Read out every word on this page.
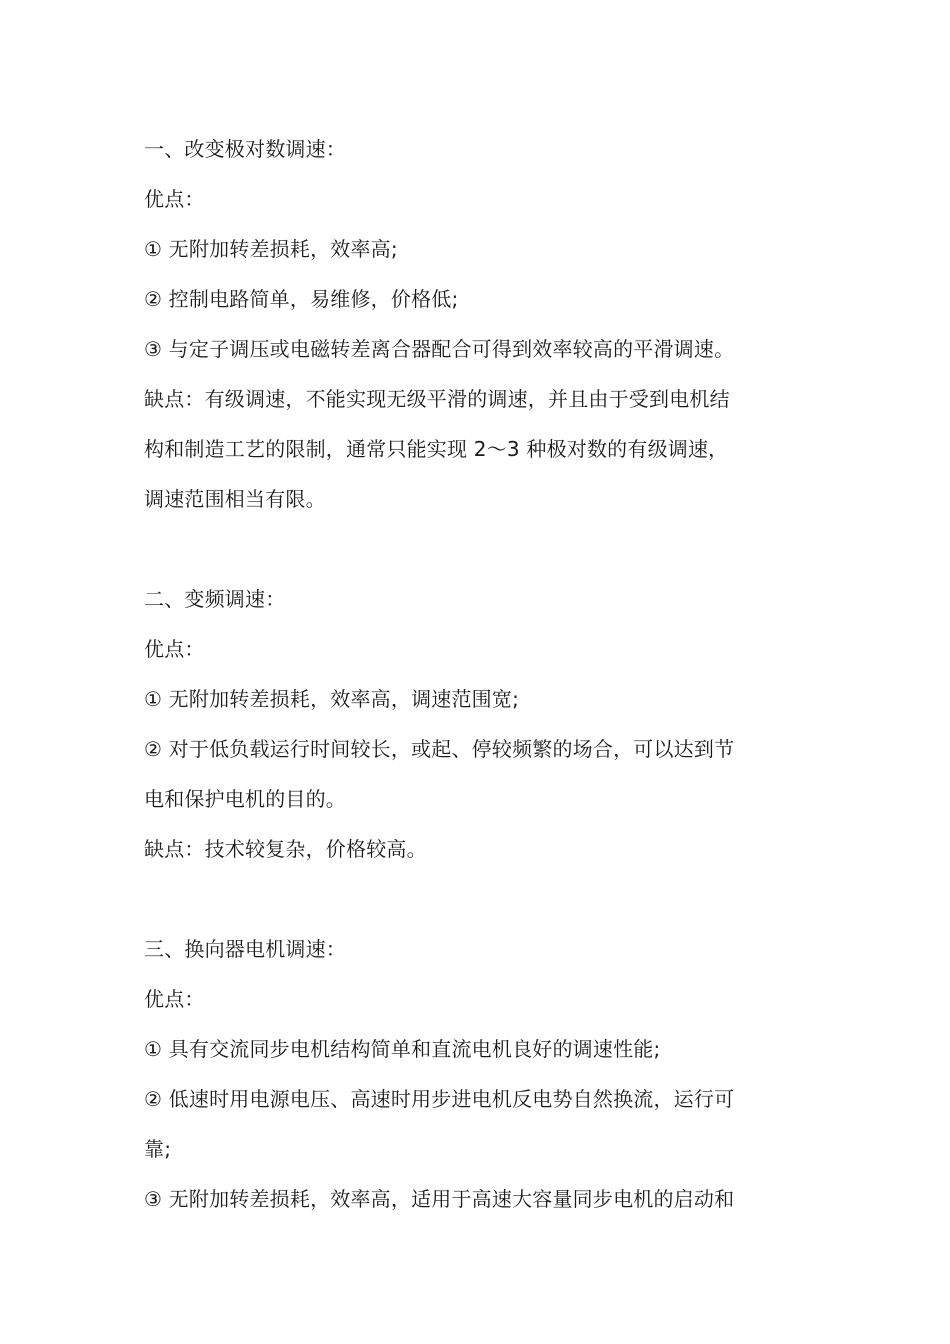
一、改变极对数调速：
优点：
① 无附加转差损耗，效率高;
② 控制电路简单，易维修，价格低;
③ 与定子调压或电磁转差离合器配合可得到效率较高的平滑调速。
缺点：有级调速，不能实现无级平滑的调速，并且由于受到电机结
构和制造工艺的限制，通常只能实现 2～3 种极对数的有级调速，
调速范围相当有限。
二、变频调速：
优点：
① 无附加转差损耗，效率高，调速范围宽;
② 对于低负载运行时间较长，或起、停较频繁的场合，可以达到节
电和保护电机的目的。
缺点：技术较复杂，价格较高。
三、换向器电机调速：
优点：
① 具有交流同步电机结构简单和直流电机良好的调速性能;
② 低速时用电源电压、高速时用步进电机反电势自然换流，运行可
靠;
③ 无附加转差损耗，效率高，适用于高速大容量同步电机的启动和
